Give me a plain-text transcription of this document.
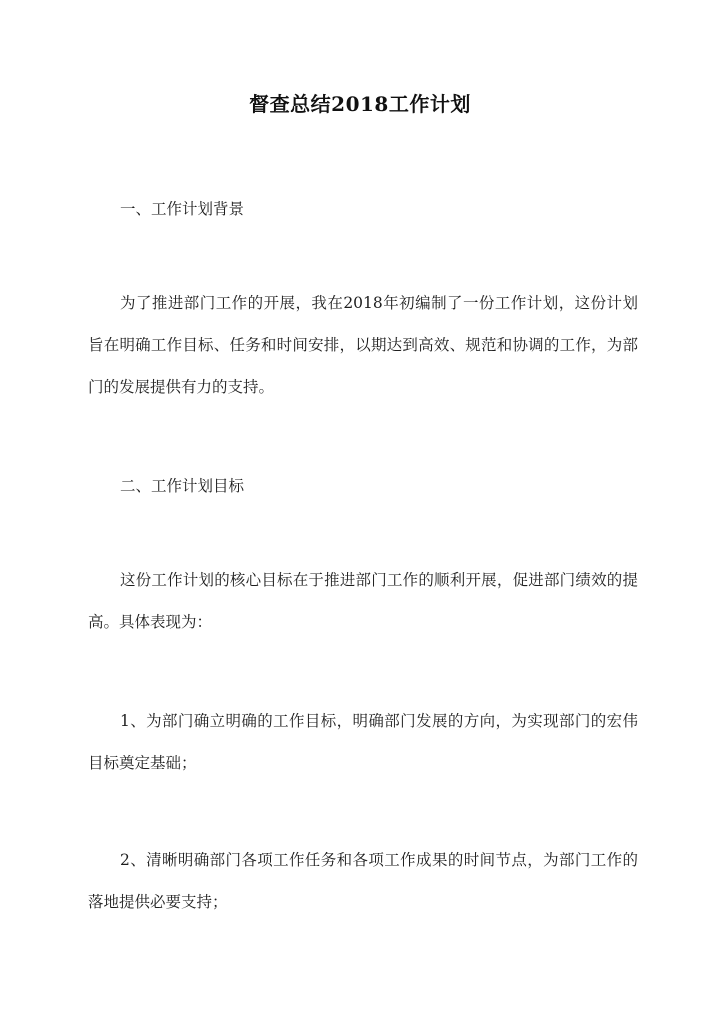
督查总结2018工作计划

一、工作计划背景

为了推进部门工作的开展，我在2018年初编制了一份工作计划，这份计划旨在明确工作目标、任务和时间安排，以期达到高效、规范和协调的工作，为部门的发展提供有力的支持。

二、工作计划目标

这份工作计划的核心目标在于推进部门工作的顺利开展，促进部门绩效的提高。具体表现为：

1、为部门确立明确的工作目标，明确部门发展的方向，为实现部门的宏伟目标奠定基础；

2、清晰明确部门各项工作任务和各项工作成果的时间节点，为部门工作的落地提供必要支持；
